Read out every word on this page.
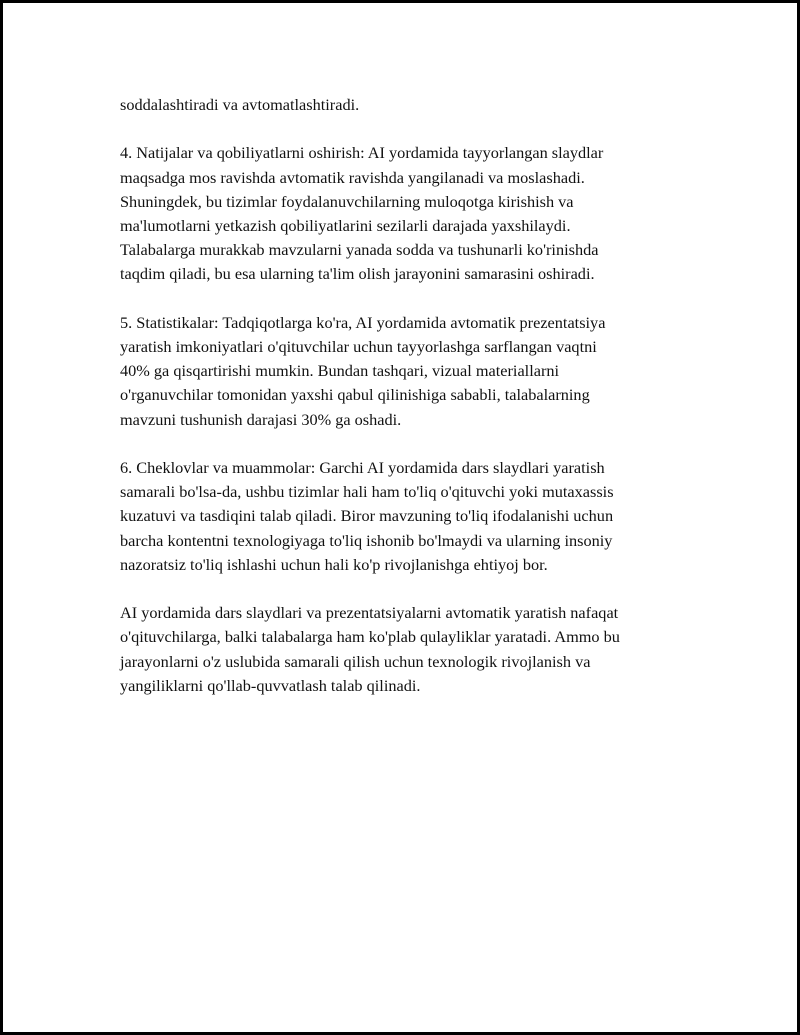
soddalashtiradi va avtomatlashtiradi.

4. Natijalar va qobiliyatlarni oshirish: AI yordamida tayyorlangan slaydlar
maqsadga mos ravishda avtomatik ravishda yangilanadi va moslashadi.
Shuningdek, bu tizimlar foydalanuvchilarning muloqotga kirishish va
ma'lumotlarni yetkazish qobiliyatlarini sezilarli darajada yaxshilaydi.
Talabalarga murakkab mavzularni yanada sodda va tushunarli ko'rinishda
taqdim qiladi, bu esa ularning ta'lim olish jarayonini samarasini oshiradi.

5. Statistikalar: Tadqiqotlarga ko'ra, AI yordamida avtomatik prezentatsiya
yaratish imkoniyatlari o'qituvchilar uchun tayyorlashga sarflangan vaqtni
40% ga qisqartirishi mumkin. Bundan tashqari, vizual materiallarni
o'rganuvchilar tomonidan yaxshi qabul qilinishiga sababli, talabalarning
mavzuni tushunish darajasi 30% ga oshadi.

6. Cheklovlar va muammolar: Garchi AI yordamida dars slaydlari yaratish
samarali bo'lsa-da, ushbu tizimlar hali ham to'liq o'qituvchi yoki mutaxassis
kuzatuvi va tasdiqini talab qiladi. Biror mavzuning to'liq ifodalanishi uchun
barcha kontentni texnologiyaga to'liq ishonib bo'lmaydi va ularning insoniy
nazoratsiz to'liq ishlashi uchun hali ko'p rivojlanishga ehtiyoj bor.

AI yordamida dars slaydlari va prezentatsiyalarni avtomatik yaratish nafaqat
o'qituvchilarga, balki talabalarga ham ko'plab qulayliklar yaratadi. Ammo bu
jarayonlarni o'z uslubida samarali qilish uchun texnologik rivojlanish va
yangiliklarni qo'llab-quvvatlash talab qilinadi.
